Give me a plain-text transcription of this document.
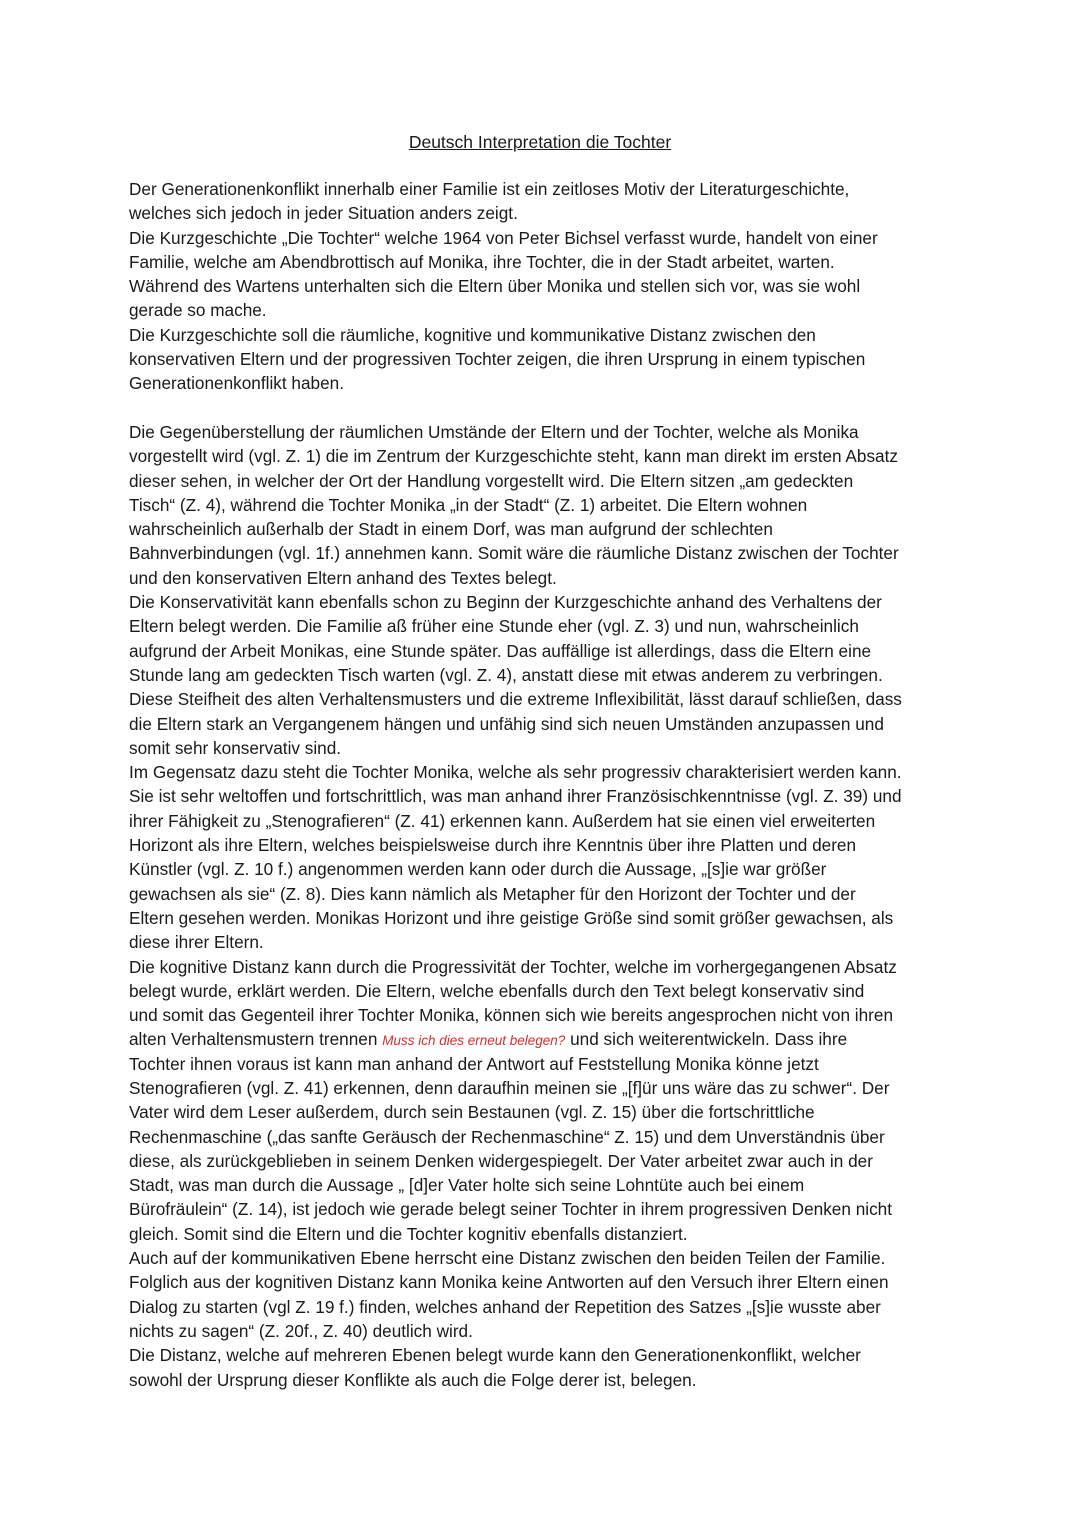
Deutsch Interpretation die Tochter
Der Generationenkonflikt innerhalb einer Familie ist ein zeitloses Motiv der Literaturgeschichte,
welches sich jedoch in jeder Situation anders zeigt.
Die Kurzgeschichte „Die Tochter“ welche 1964 von Peter Bichsel verfasst wurde, handelt von einer
Familie, welche am Abendbrottisch auf Monika, ihre Tochter, die in der Stadt arbeitet, warten.
Während des Wartens unterhalten sich die Eltern über Monika und stellen sich vor, was sie wohl
gerade so mache.
Die Kurzgeschichte soll die räumliche, kognitive und kommunikative Distanz zwischen den
konservativen Eltern und der progressiven Tochter zeigen, die ihren Ursprung in einem typischen
Generationenkonflikt haben.
Die Gegenüberstellung der räumlichen Umstände der Eltern und der Tochter, welche als Monika
vorgestellt wird (vgl. Z. 1) die im Zentrum der Kurzgeschichte steht, kann man direkt im ersten Absatz
dieser sehen, in welcher der Ort der Handlung vorgestellt wird. Die Eltern sitzen „am gedeckten
Tisch“ (Z. 4), während die Tochter Monika „in der Stadt“ (Z. 1) arbeitet. Die Eltern wohnen
wahrscheinlich außerhalb der Stadt in einem Dorf, was man aufgrund der schlechten
Bahnverbindungen (vgl. 1f.) annehmen kann. Somit wäre die räumliche Distanz zwischen der Tochter
und den konservativen Eltern anhand des Textes belegt.
Die Konservativität kann ebenfalls schon zu Beginn der Kurzgeschichte anhand des Verhaltens der
Eltern belegt werden. Die Familie aß früher eine Stunde eher (vgl. Z. 3) und nun, wahrscheinlich
aufgrund der Arbeit Monikas, eine Stunde später. Das auffällige ist allerdings, dass die Eltern eine
Stunde lang am gedeckten Tisch warten (vgl. Z. 4), anstatt diese mit etwas anderem zu verbringen.
Diese Steifheit des alten Verhaltensmusters und die extreme Inflexibilität, lässt darauf schließen, dass
die Eltern stark an Vergangenem hängen und unfähig sind sich neuen Umständen anzupassen und
somit sehr konservativ sind.
Im Gegensatz dazu steht die Tochter Monika, welche als sehr progressiv charakterisiert werden kann.
Sie ist sehr weltoffen und fortschrittlich, was man anhand ihrer Französischkenntnisse (vgl. Z. 39) und
ihrer Fähigkeit zu „Stenografieren“ (Z. 41) erkennen kann. Außerdem hat sie einen viel erweiterten
Horizont als ihre Eltern, welches beispielsweise durch ihre Kenntnis über ihre Platten und deren
Künstler (vgl. Z. 10 f.) angenommen werden kann oder durch die Aussage, „[s]ie war größer
gewachsen als sie“ (Z. 8). Dies kann nämlich als Metapher für den Horizont der Tochter und der
Eltern gesehen werden. Monikas Horizont und ihre geistige Größe sind somit größer gewachsen, als
diese ihrer Eltern.
Die kognitive Distanz kann durch die Progressivität der Tochter, welche im vorhergegangenen Absatz
belegt wurde, erklärt werden. Die Eltern, welche ebenfalls durch den Text belegt konservativ sind
und somit das Gegenteil ihrer Tochter Monika, können sich wie bereits angesprochen nicht von ihren
alten Verhaltensmustern trennen Muss ich dies erneut belegen? und sich weiterentwickeln. Dass ihre
Tochter ihnen voraus ist kann man anhand der Antwort auf Feststellung Monika könne jetzt
Stenografieren (vgl. Z. 41) erkennen, denn daraufhin meinen sie „[f]ür uns wäre das zu schwer“. Der
Vater wird dem Leser außerdem, durch sein Bestaunen (vgl. Z. 15) über die fortschrittliche
Rechenmaschine („das sanfte Geräusch der Rechenmaschine“ Z. 15) und dem Unverständnis über
diese, als zurückgeblieben in seinem Denken widergespiegelt. Der Vater arbeitet zwar auch in der
Stadt, was man durch die Aussage „ [d]er Vater holte sich seine Lohntüte auch bei einem
Bürofräulein“ (Z. 14), ist jedoch wie gerade belegt seiner Tochter in ihrem progressiven Denken nicht
gleich. Somit sind die Eltern und die Tochter kognitiv ebenfalls distanziert.
Auch auf der kommunikativen Ebene herrscht eine Distanz zwischen den beiden Teilen der Familie.
Folglich aus der kognitiven Distanz kann Monika keine Antworten auf den Versuch ihrer Eltern einen
Dialog zu starten (vgl Z. 19 f.) finden, welches anhand der Repetition des Satzes „[s]ie wusste aber
nichts zu sagen“ (Z. 20f., Z. 40) deutlich wird.
Die Distanz, welche auf mehreren Ebenen belegt wurde kann den Generationenkonflikt, welcher
sowohl der Ursprung dieser Konflikte als auch die Folge derer ist, belegen.
